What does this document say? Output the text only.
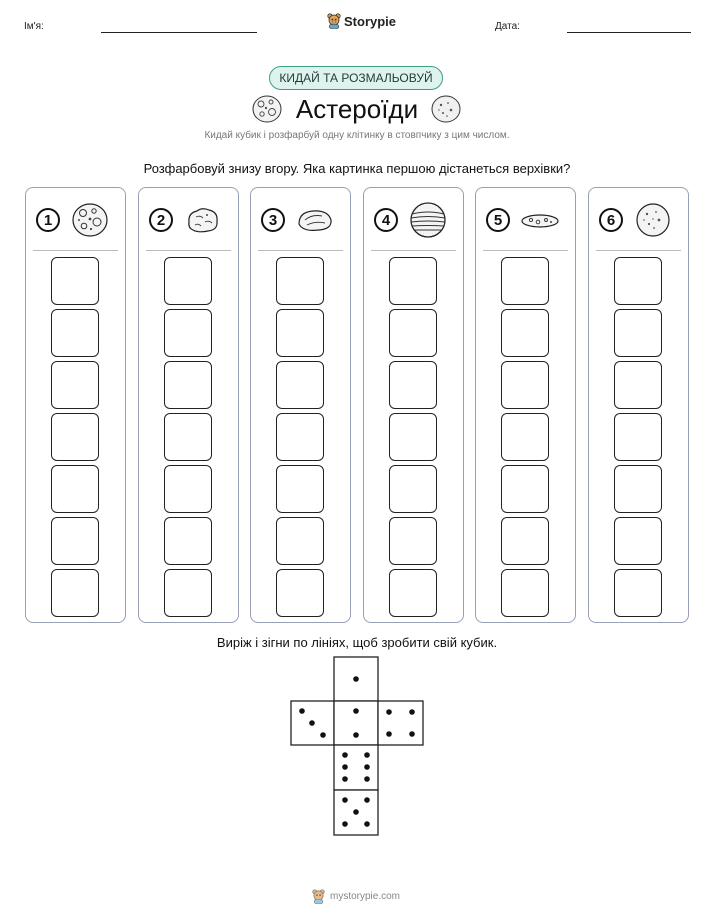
Ім'я:	Storypie	Дата:
КИДАЙ ТА РОЗМАЛЬОВУЙ
Астероїди
Кидай кубик і розфарбуй одну клітинку в стовпчику з цим числом.
Розфарбовуй знизу вгору. Яка картинка першою дістанеться верхівки?
1	2	3	4	5	6
Виріж і зігни по лініях, щоб зробити свій кубик.
mystorypie.com
